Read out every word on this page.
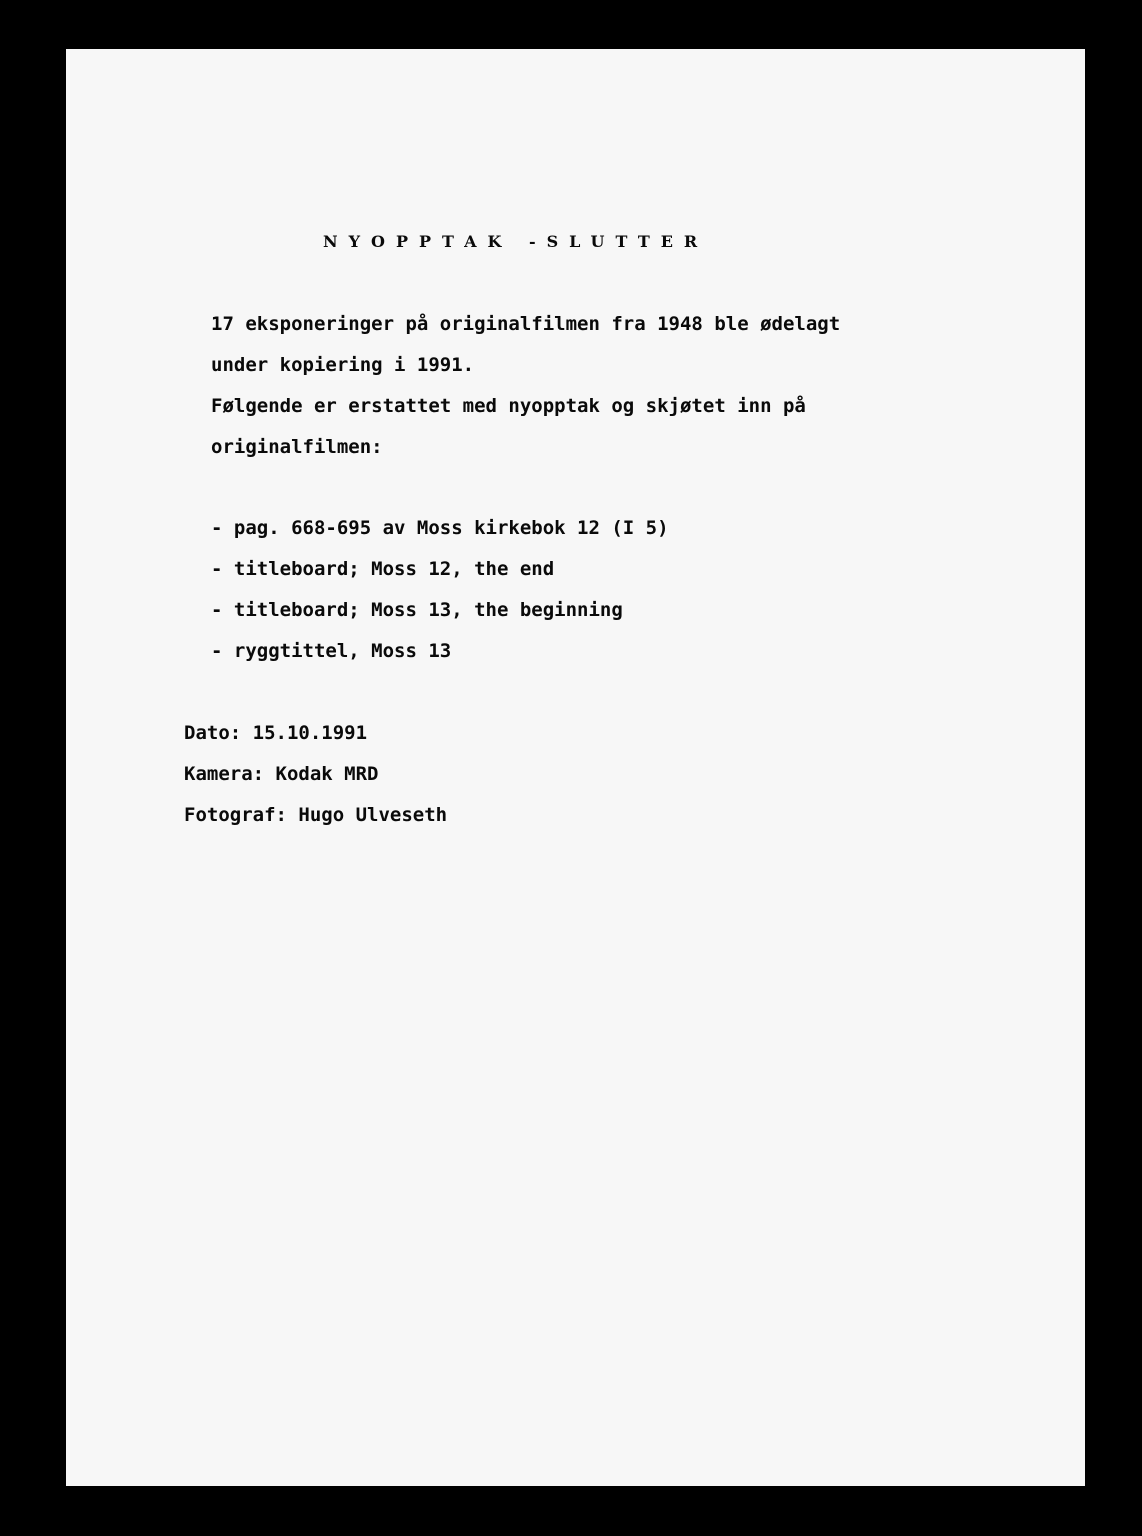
NYOPPTAK -SLUTTER
17 eksponeringer på originalfilmen fra 1948 ble ødelagt
under kopiering i 1991.
Følgende er erstattet med nyopptak og skjøtet inn på
originalfilmen:
- pag. 668-695 av Moss kirkebok 12 (I 5)
- titleboard; Moss 12, the end
- titleboard; Moss 13, the beginning
- ryggtittel, Moss 13
Dato: 15.10.1991
Kamera: Kodak MRD
Fotograf: Hugo Ulveseth
